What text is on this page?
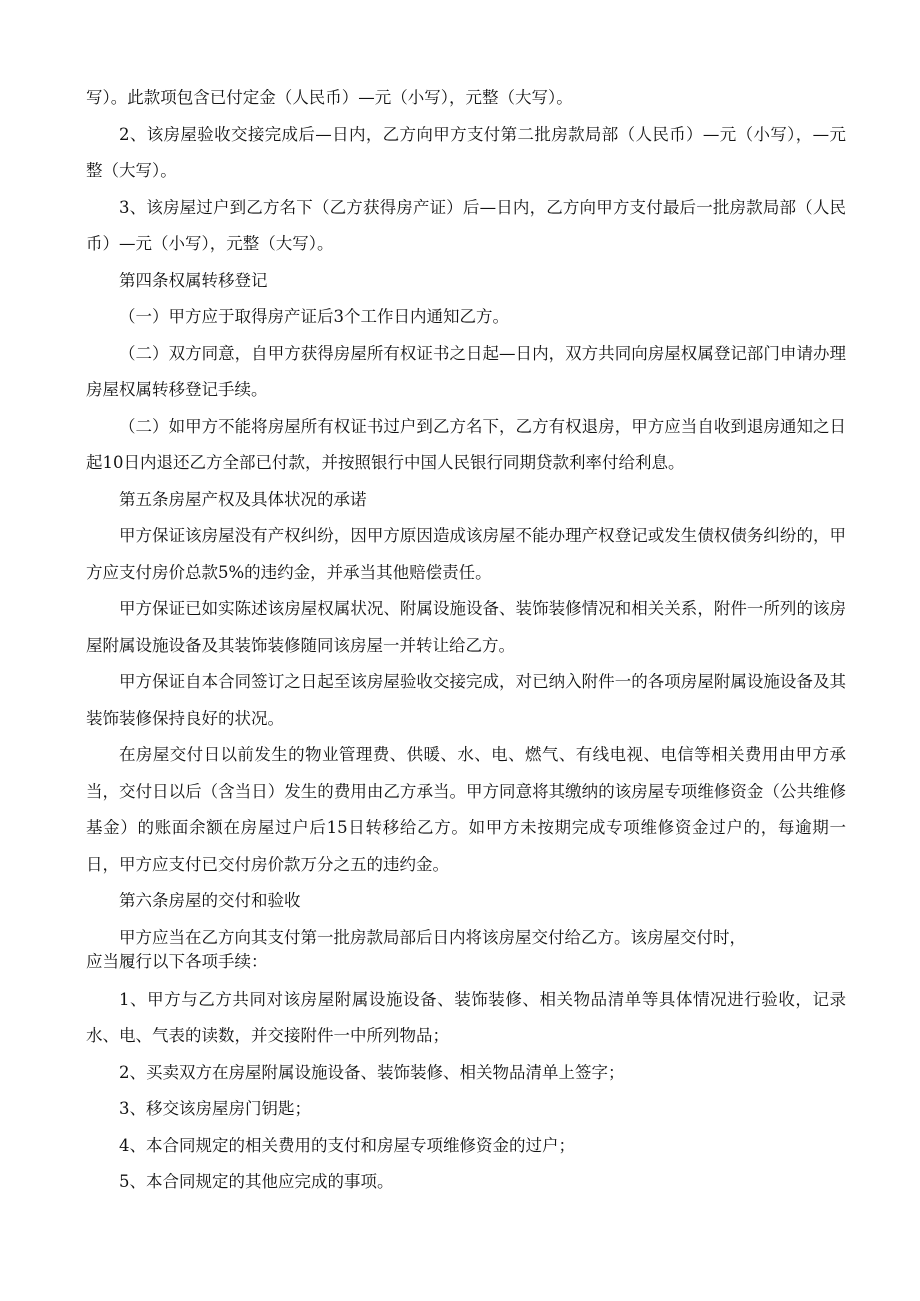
写）。此款项包含已付定金（人民币）—元（小写），元整（大写）。

2、该房屋验收交接完成后—日内，乙方向甲方支付第二批房款局部（人民币）—元（小写），—元整（大写）。

3、该房屋过户到乙方名下（乙方获得房产证）后—日内，乙方向甲方支付最后一批房款局部（人民币）—元（小写），元整（大写）。

第四条权属转移登记

（一）甲方应于取得房产证后3个工作日内通知乙方。

（二）双方同意，自甲方获得房屋所有权证书之日起—日内，双方共同向房屋权属登记部门申请办理房屋权属转移登记手续。

（二）如甲方不能将房屋所有权证书过户到乙方名下，乙方有权退房，甲方应当自收到退房通知之日起10日内退还乙方全部已付款，并按照银行中国人民银行同期贷款利率付给利息。

第五条房屋产权及具体状况的承诺

甲方保证该房屋没有产权纠纷，因甲方原因造成该房屋不能办理产权登记或发生债权债务纠纷的，甲方应支付房价总款5%的违约金，并承当其他赔偿责任。

甲方保证已如实陈述该房屋权属状况、附属设施设备、装饰装修情况和相关关系，附件一所列的该房屋附属设施设备及其装饰装修随同该房屋一并转让给乙方。

甲方保证自本合同签订之日起至该房屋验收交接完成，对已纳入附件一的各项房屋附属设施设备及其装饰装修保持良好的状况。

在房屋交付日以前发生的物业管理费、供暖、水、电、燃气、有线电视、电信等相关费用由甲方承当，交付日以后（含当日）发生的费用由乙方承当。甲方同意将其缴纳的该房屋专项维修资金（公共维修基金）的账面余额在房屋过户后15日转移给乙方。如甲方未按期完成专项维修资金过户的，每逾期一日，甲方应支付已交付房价款万分之五的违约金。

第六条房屋的交付和验收

甲方应当在乙方向其支付第一批房款局部后日内将该房屋交付给乙方。该房屋交付时，

应当履行以下各项手续：

1、甲方与乙方共同对该房屋附属设施设备、装饰装修、相关物品清单等具体情况进行验收，记录水、电、气表的读数，并交接附件一中所列物品；

2、买卖双方在房屋附属设施设备、装饰装修、相关物品清单上签字；

3、移交该房屋房门钥匙；

4、本合同规定的相关费用的支付和房屋专项维修资金的过户；

5、本合同规定的其他应完成的事项。
